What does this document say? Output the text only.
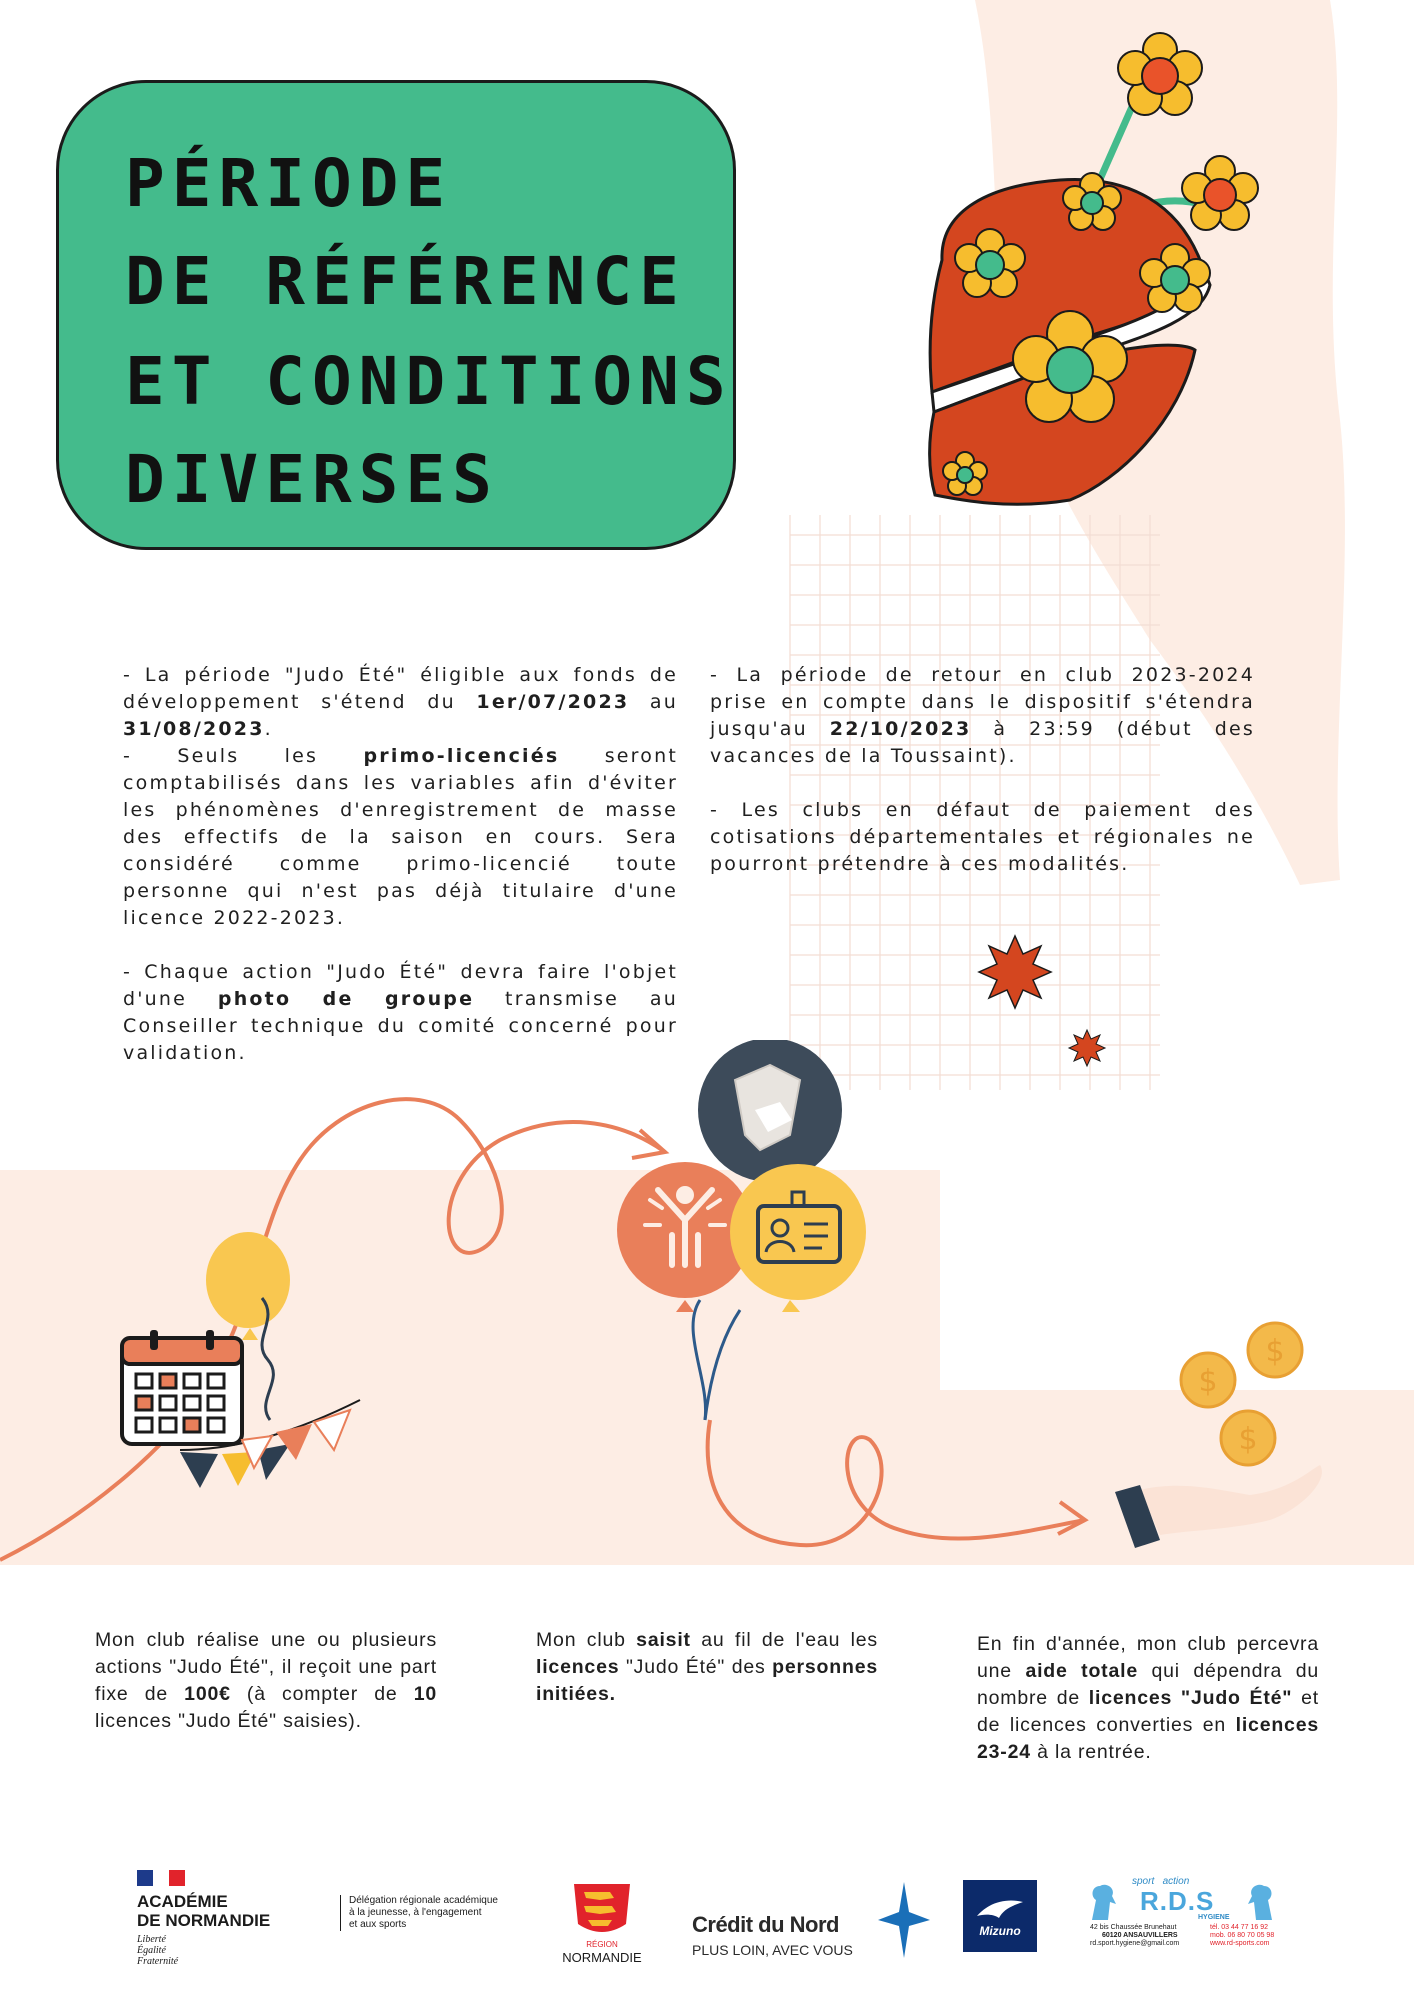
PÉRIODE
DE RÉFÉRENCE
ET CONDITIONS
DIVERSES

- La période "Judo Été" éligible aux fonds de développement s'étend du 1er/07/2023 au 31/08/2023.

- Seuls les primo-licenciés seront comptabilisés dans les variables afin d'éviter les phénomènes d'enregistrement de masse des effectifs de la saison en cours. Sera considéré comme primo-licencié toute personne qui n'est pas déjà titulaire d'une licence 2022-2023.

- Chaque action "Judo Été" devra faire l'objet d'une photo de groupe transmise au Conseiller technique du comité concerné pour validation.

- La période de retour en club 2023-2024 prise en compte dans le dispositif s'étendra jusqu'au 22/10/2023 à 23:59 (début des vacances de la Toussaint).

- Les clubs en défaut de paiement des cotisations départementales et régionales ne pourront prétendre à ces modalités.

$
$
$
Mon club réalise une ou plusieurs actions "Judo Été", il reçoit une part fixe de 100€ (à compter de 10 licences "Judo Été" saisies).
Mon club saisit au fil de l'eau les licences "Judo Été" des personnes initiées.
En fin d'année, mon club percevra une aide totale qui dépendra du nombre de licences "Judo Été" et de licences converties en licences 23-24 à la rentrée.
ACADÉMIE
DE NORMANDIE
Liberté
Égalité
Fraternité
Délégation régionale académique
à la jeunesse, à l'engagement
et aux sports
RÉGION
NORMANDIE
Crédit du Nord
PLUS LOIN, AVEC VOUS
Mizuno
sport   action
R.D.S
HYGIENE
42 bis Chaussée Brunehaut
60120 ANSAUVILLERS
rd.sport.hygiene@gmail.com
tél. 03 44 77 16 92
mob. 06 80 70 05 98
www.rd-sports.com
